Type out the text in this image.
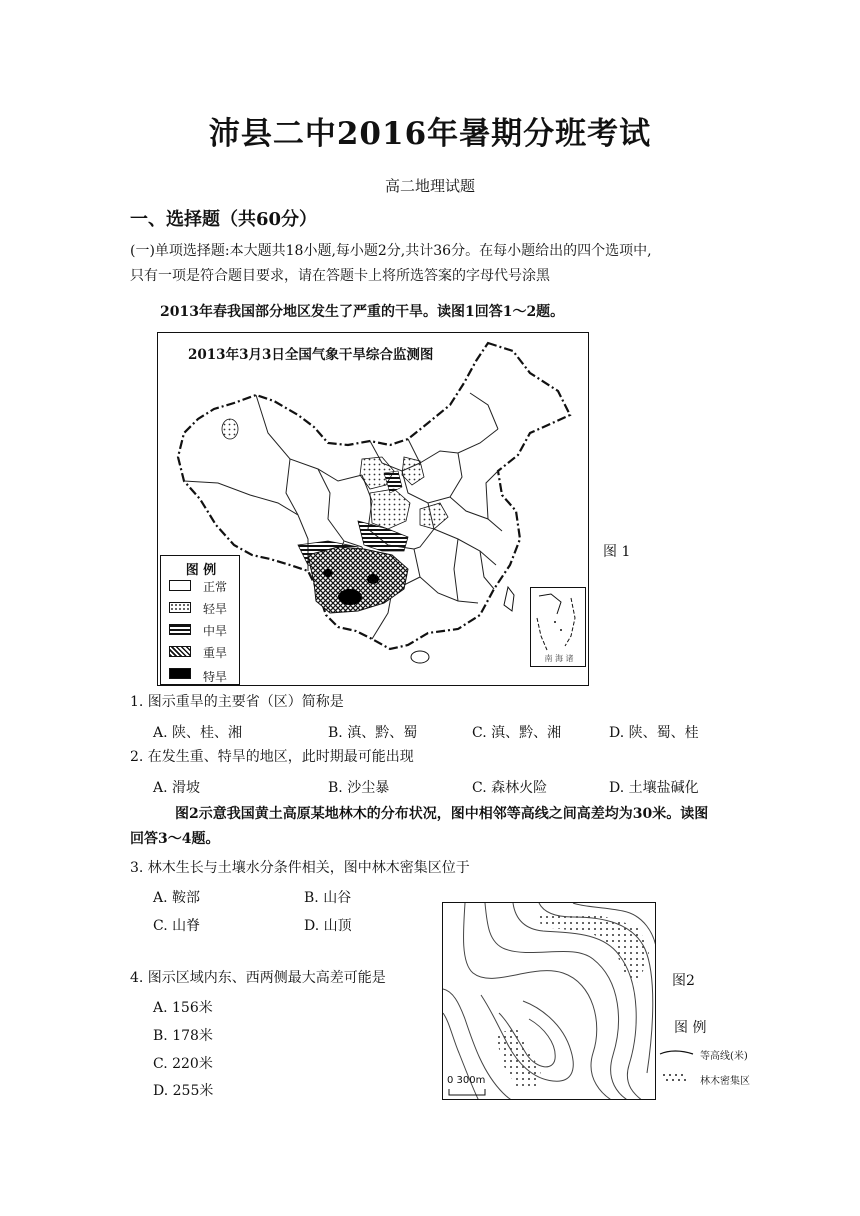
沛县二中2016年暑期分班考试
高二地理试题
一、选择题（共60分）
(一)单项选择题:本大题共18小题,每小题2分,共计36分。在每小题给出的四个选项中,
只有一项是符合题目要求，请在答题卡上将所选答案的字母代号涂黑
2013年春我国部分地区发生了严重的干旱。读图1回答1～2题。
2013年3月3日全国气象干旱综合监测图
图 例
正常
轻旱
中旱
重旱
特旱
南 海 诸
图 1
1. 图示重旱的主要省（区）简称是
A. 陕、桂、湘	B. 滇、黔、蜀	C. 滇、黔、湘	D. 陕、蜀、桂
2. 在发生重、特旱的地区，此时期最可能出现
A. 滑坡	B. 沙尘暴	C. 森林火险	D. 土壤盐碱化
图2示意我国黄土高原某地林木的分布状况，图中相邻等高线之间高差均为30米。读图
回答3～4题。
3. 林木生长与土壤水分条件相关，图中林木密集区位于
A. 鞍部	B. 山谷
C. 山脊	D. 山顶
4. 图示区域内东、西两侧最大高差可能是
A. 156米
B. 178米
C. 220米
D. 255米
0 300m
图2
图 例
等高线(米)
林木密集区
